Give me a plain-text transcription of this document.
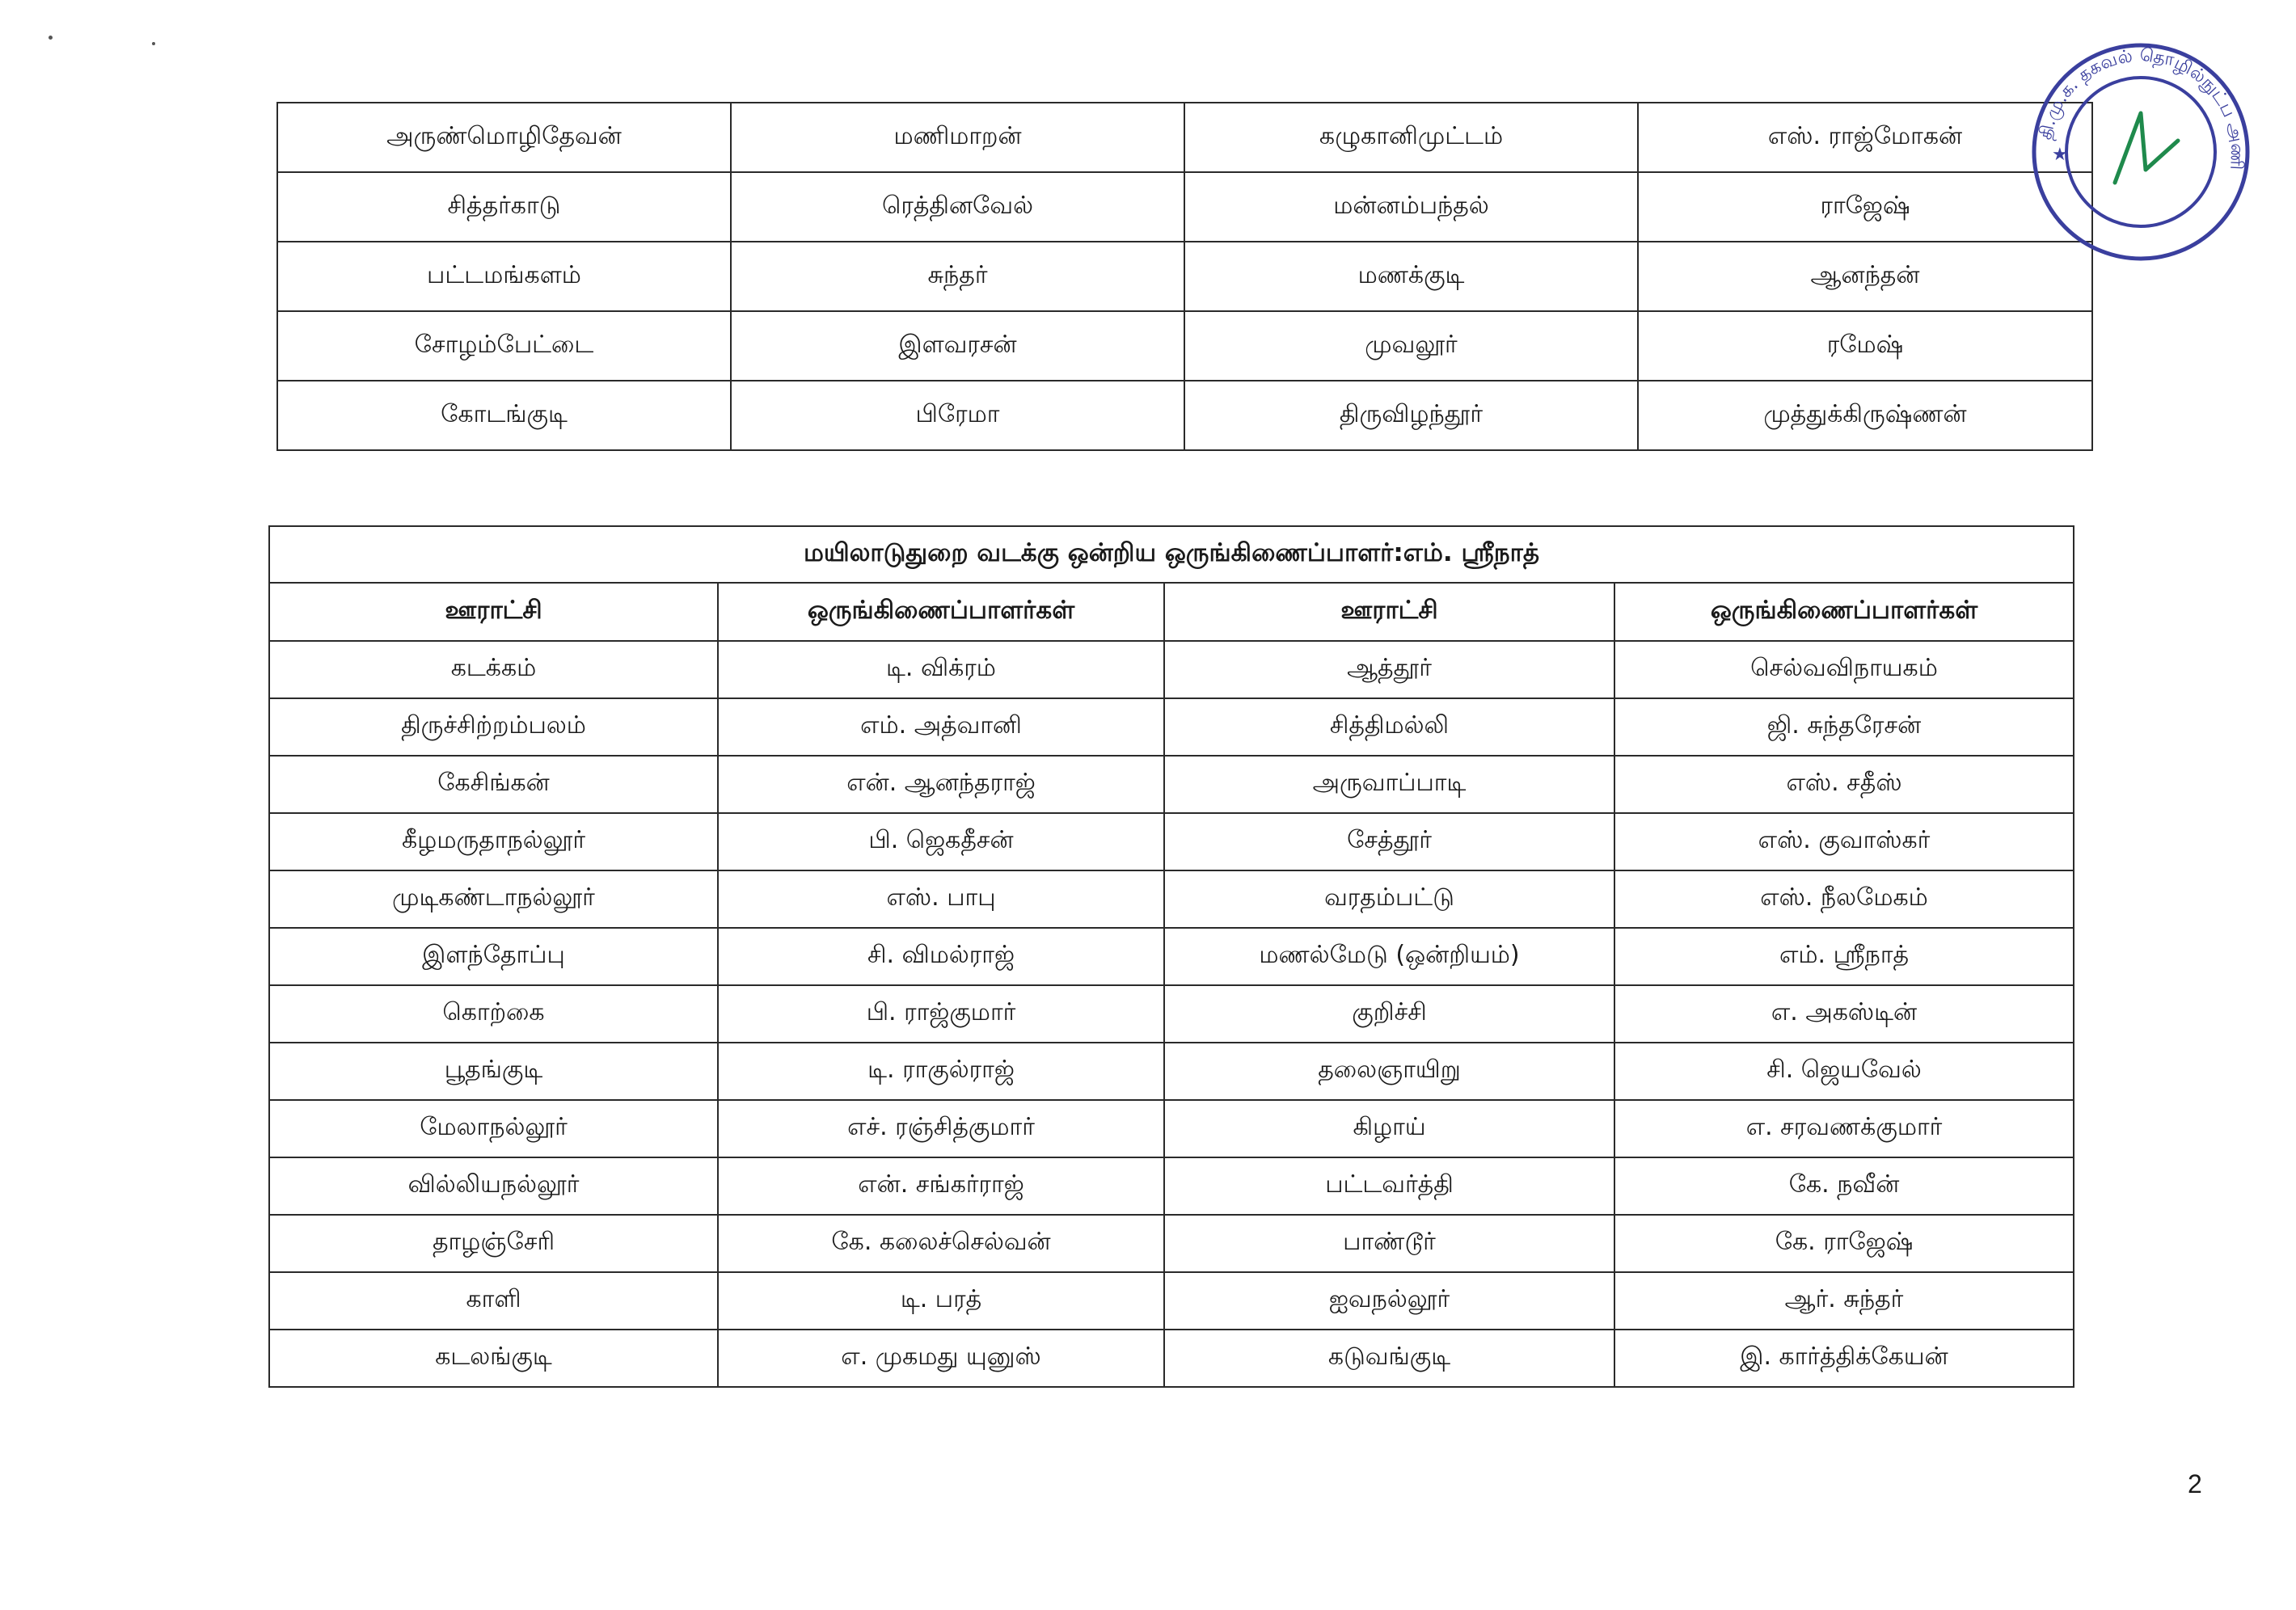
அருண்மொழிதேவன்	மணிமாறன்	கழுகானிமுட்டம்	எஸ். ராஜ்மோகன்
சித்தர்காடு	ரெத்தினவேல்	மன்னம்பந்தல்	ராஜேஷ்
பட்டமங்களம்	சுந்தர்	மணக்குடி	ஆனந்தன்
சோழம்பேட்டை	இளவரசன்	முவலூர்	ரமேஷ்
கோடங்குடி	பிரேமா	திருவிழந்தூர்	முத்துக்கிருஷ்ணன்
மயிலாடுதுறை வடக்கு ஒன்றிய ஒருங்கிணைப்பாளர்:எம். ஸ்ரீநாத்			
ஊராட்சி	ஒருங்கிணைப்பாளர்கள்	ஊராட்சி	ஒருங்கிணைப்பாளர்கள்
கடக்கம்	டி. விக்ரம்	ஆத்தூர்	செல்வவிநாயகம்
திருச்சிற்றம்பலம்	எம். அத்வானி	சித்திமல்லி	ஜி. சுந்தரேசன்
கேசிங்கன்	என். ஆனந்தராஜ்	அருவாப்பாடி	எஸ். சதீஸ்
கீழமருதாநல்லூர்	பி. ஜெகதீசன்	சேத்தூர்	எஸ். குவாஸ்கர்
முடிகண்டாநல்லூர்	எஸ். பாபு	வரதம்பட்டு	எஸ். நீலமேகம்
இளந்தோப்பு	சி. விமல்ராஜ்	மணல்மேடு (ஒன்றியம்)	எம். ஸ்ரீநாத்
கொற்கை	பி. ராஜ்குமார்	குறிச்சி	எ. அகஸ்டின்
பூதங்குடி	டி. ராகுல்ராஜ்	தலைஞாயிறு	சி. ஜெயவேல்
மேலாநல்லூர்	எச். ரஞ்சித்குமார்	கிழாய்	எ. சரவணக்குமார்
வில்லியநல்லூர்	என். சங்கர்ராஜ்	பட்டவர்த்தி	கே. நவீன்
தாழஞ்சேரி	கே. கலைச்செல்வன்	பாண்டூர்	கே. ராஜேஷ்
காளி	டி. பரத்	ஐவநல்லூர்	ஆர். சுந்தர்
கடலங்குடி	எ. முகமது யுனுஸ்	கடுவங்குடி	இ. கார்த்திக்கேயன்
தி.மு.க. தகவல் தொழில்நுட்ப அணி
★
2
